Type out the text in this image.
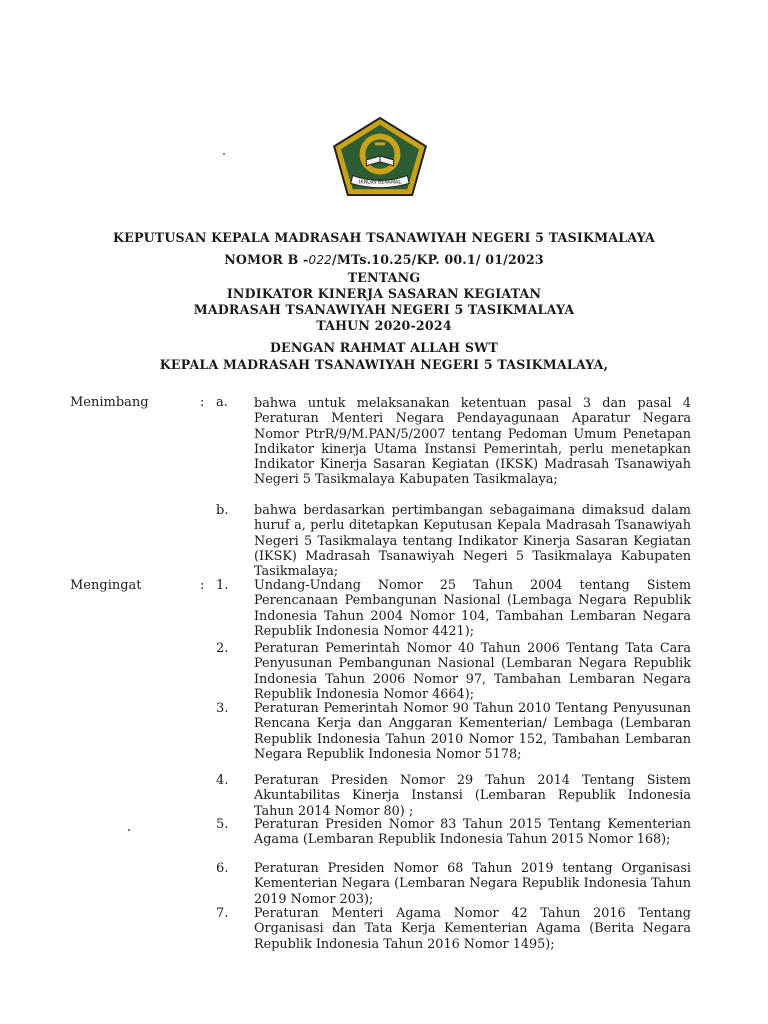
IKHLAS BERAMAL
KEPUTUSAN KEPALA MADRASAH TSANAWIYAH NEGERI 5 TASIKMALAYA
NOMOR B -022/MTs.10.25/KP. 00.1/ 01/2023
TENTANG
INDIKATOR KINERJA SASARAN KEGIATAN
MADRASAH TSANAWIYAH NEGERI 5 TASIKMALAYA
TAHUN 2020-2024
DENGAN RAHMAT ALLAH SWT
KEPALA MADRASAH TSANAWIYAH NEGERI 5 TASIKMALAYA,
Menimbang	: a. bahwa untuk melaksanakan ketentuan pasal 3 dan pasal 4 Peraturan Menteri Negara Pendayagunaan Aparatur Negara Nomor PtrR/9/M.PAN/5/2007 tentang Pedoman Umum Penetapan Indikator kinerja Utama Instansi Pemerintah, perlu menetapkan Indikator Kinerja Sasaran Kegiatan (IKSK) Madrasah Tsanawiyah Negeri 5 Tasikmalaya Kabupaten Tasikmalaya;
b. bahwa berdasarkan pertimbangan sebagaimana dimaksud dalam huruf a, perlu ditetapkan Keputusan Kepala Madrasah Tsanawiyah Negeri 5 Tasikmalaya tentang Indikator Kinerja Sasaran Kegiatan (IKSK) Madrasah Tsanawiyah Negeri 5 Tasikmalaya Kabupaten Tasikmalaya;
Mengingat	: 1. Undang-Undang Nomor 25 Tahun 2004 tentang Sistem Perencanaan Pembangunan Nasional (Lembaga Negara Republik Indonesia Tahun 2004 Nomor 104, Tambahan Lembaran Negara Republik Indonesia Nomor 4421);
2. Peraturan Pemerintah Nomor 40 Tahun 2006 Tentang Tata Cara Penyusunan Pembangunan Nasional (Lembaran Negara Republik Indonesia Tahun 2006 Nomor 97, Tambahan Lembaran Negara Republik Indonesia Nomor 4664);
3. Peraturan Pemerintah Nomor 90 Tahun 2010 Tentang Penyusunan Rencana Kerja dan Anggaran Kementerian/ Lembaga (Lembaran Republik Indonesia Tahun 2010 Nomor 152, Tambahan Lembaran Negara Republik Indonesia Nomor 5178;
4. Peraturan Presiden Nomor 29 Tahun 2014 Tentang Sistem Akuntabilitas Kinerja Instansi (Lembaran Republik Indonesia Tahun 2014 Nomor 80) ;
5. Peraturan Presiden Nomor 83 Tahun 2015 Tentang Kementerian Agama (Lembaran Republik Indonesia Tahun 2015 Nomor 168);
6. Peraturan Presiden Nomor 68 Tahun 2019 tentang Organisasi Kementerian Negara (Lembaran Negara Republik Indonesia Tahun 2019 Nomor 203);
7. Peraturan Menteri Agama Nomor 42 Tahun 2016 Tentang Organisasi dan Tata Kerja Kementerian Agama (Berita Negara Republik Indonesia Tahun 2016 Nomor 1495);
